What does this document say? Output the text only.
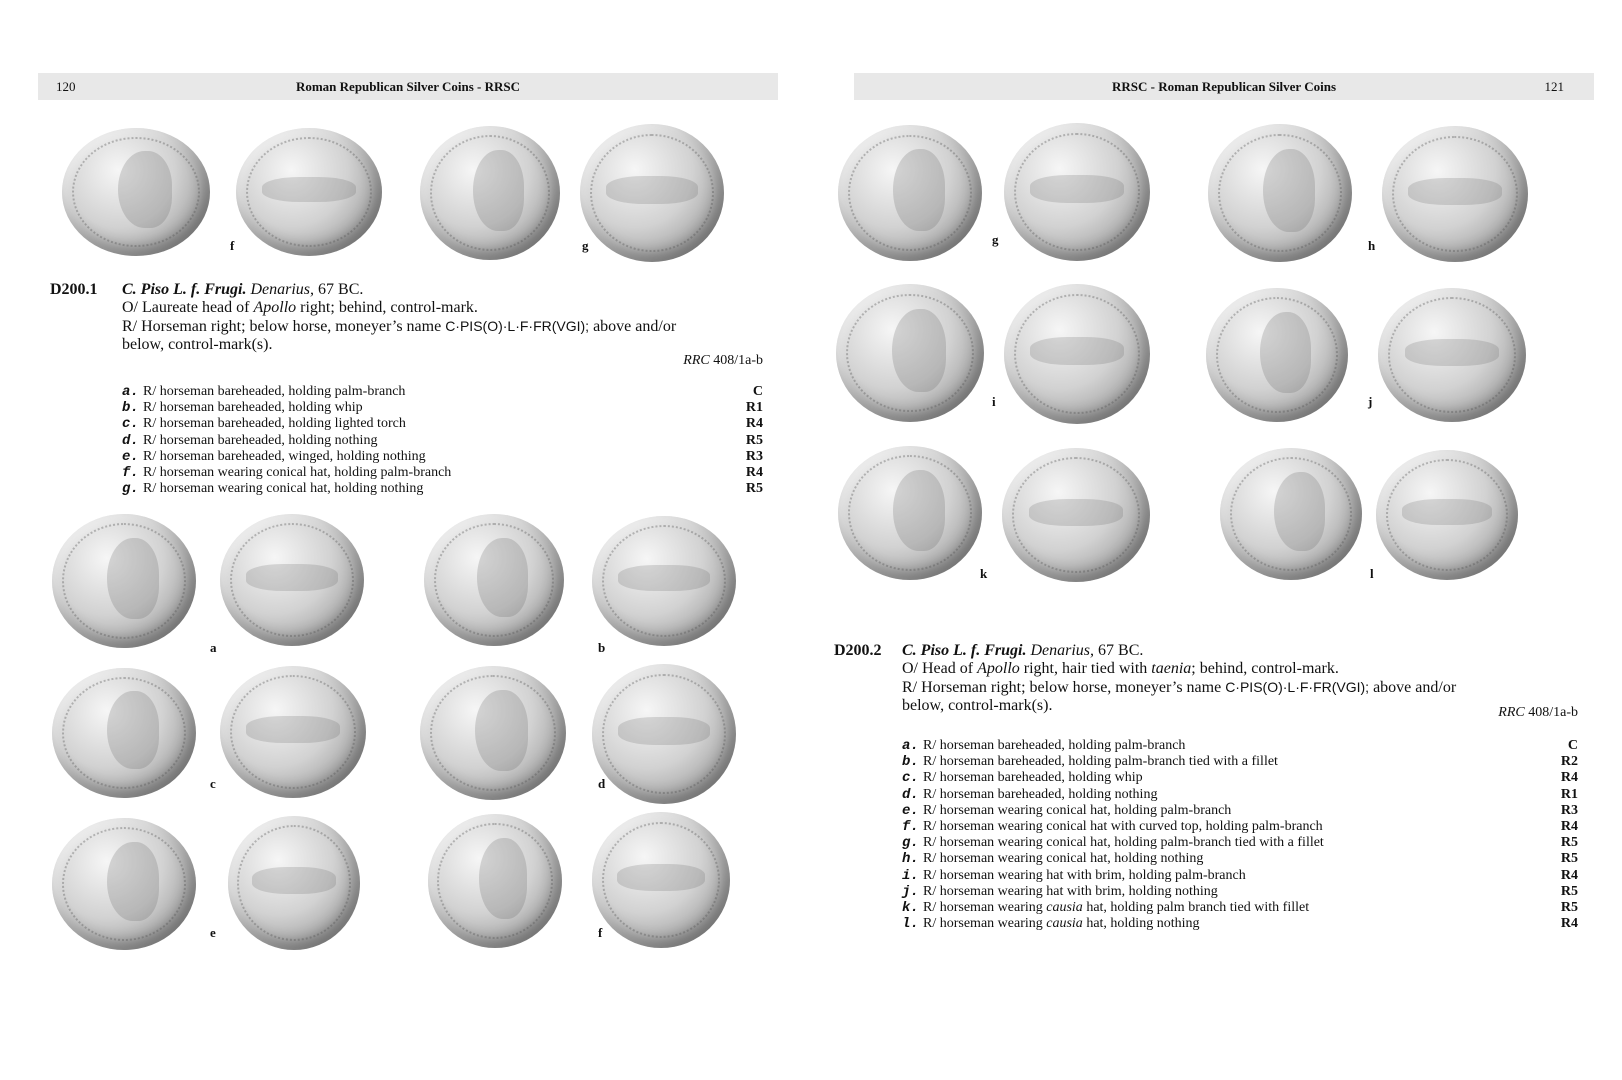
120	Roman Republican Silver Coins - RRSC
f	g
D200.1 C. Piso L. f. Frugi. Denarius, 67 BC.
O/ Laureate head of Apollo right; behind, control-mark.
R/ Horseman right; below horse, moneyer’s name C·PIS(O)·L·F·FR(VGI); above and/or
below, control-mark(s).
RRC 408/1a-b
a. R/ horseman bareheaded, holding palm-branch	C
b. R/ horseman bareheaded, holding whip	R1
c. R/ horseman bareheaded, holding lighted torch	R4
d. R/ horseman bareheaded, holding nothing	R5
e. R/ horseman bareheaded, winged, holding nothing	R3
f. R/ horseman wearing conical hat, holding palm-branch	R4
g. R/ horseman wearing conical hat, holding nothing	R5
a	b
c	d
e	f
RRSC - Roman Republican Silver Coins	121
g	h
i	j
k	l
D200.2 C. Piso L. f. Frugi. Denarius, 67 BC.
O/ Head of Apollo right, hair tied with taenia; behind, control-mark.
R/ Horseman right; below horse, moneyer’s name C·PIS(O)·L·F·FR(VGI); above and/or
below, control-mark(s).	RRC 408/1a-b
a. R/ horseman bareheaded, holding palm-branch	C
b. R/ horseman bareheaded, holding palm-branch tied with a fillet	R2
c. R/ horseman bareheaded, holding whip	R4
d. R/ horseman bareheaded, holding nothing	R1
e. R/ horseman wearing conical hat, holding palm-branch	R3
f. R/ horseman wearing conical hat with curved top, holding palm-branch	R4
g. R/ horseman wearing conical hat, holding palm-branch tied with a fillet	R5
h. R/ horseman wearing conical hat, holding nothing	R5
i. R/ horseman wearing hat with brim, holding palm-branch	R4
j. R/ horseman wearing hat with brim, holding nothing	R5
k. R/ horseman wearing causia hat, holding palm branch tied with fillet	R5
l. R/ horseman wearing causia hat, holding nothing	R4
